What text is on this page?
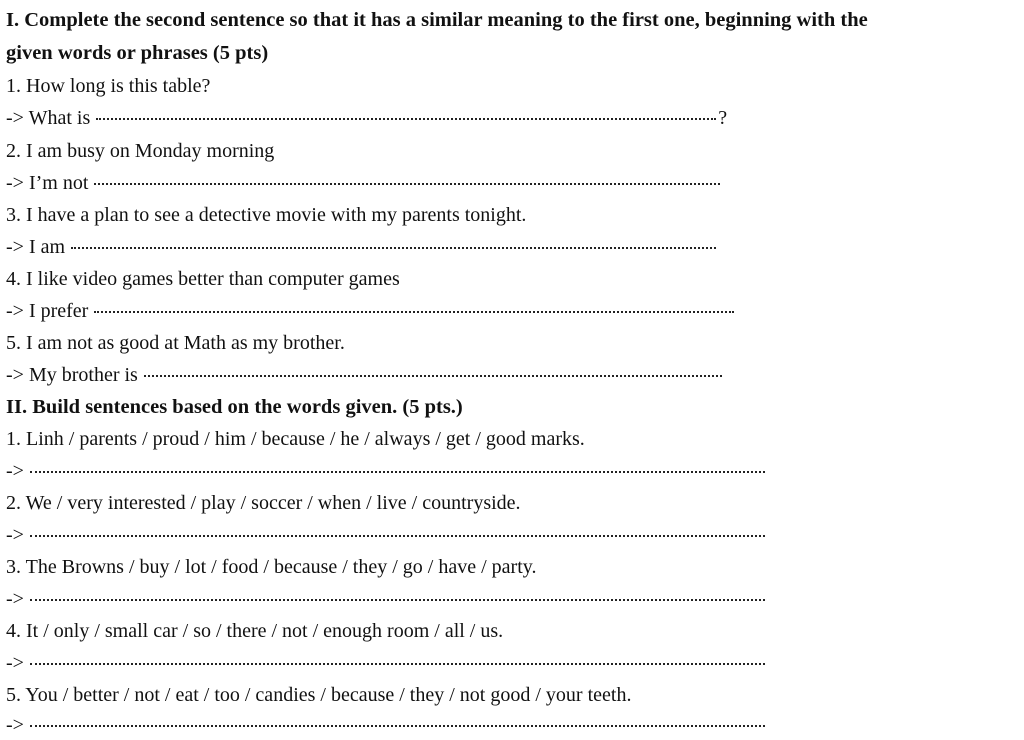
I. Complete the second sentence so that it has a similar meaning to the first one, beginning with the
given words or phrases (5 pts)
1. How long is this table?
-> What is	?
2. I am busy on Monday morning
-> I’m not
3. I have a plan to see a detective movie with my parents tonight.
-> I am
4. I like video games better than computer games
-> I prefer
5. I am not as good at Math as my brother.
-> My brother is
II. Build sentences based on the words given. (5 pts.)
1. Linh / parents / proud / him / because / he / always / get / good marks.
->
2. We / very interested / play / soccer / when / live / countryside.
->
3. The Browns / buy / lot / food / because / they / go / have / party.
->
4. It / only / small car / so / there / not / enough room / all / us.
->
5. You / better / not / eat / too / candies / because / they / not good / your teeth.
->
